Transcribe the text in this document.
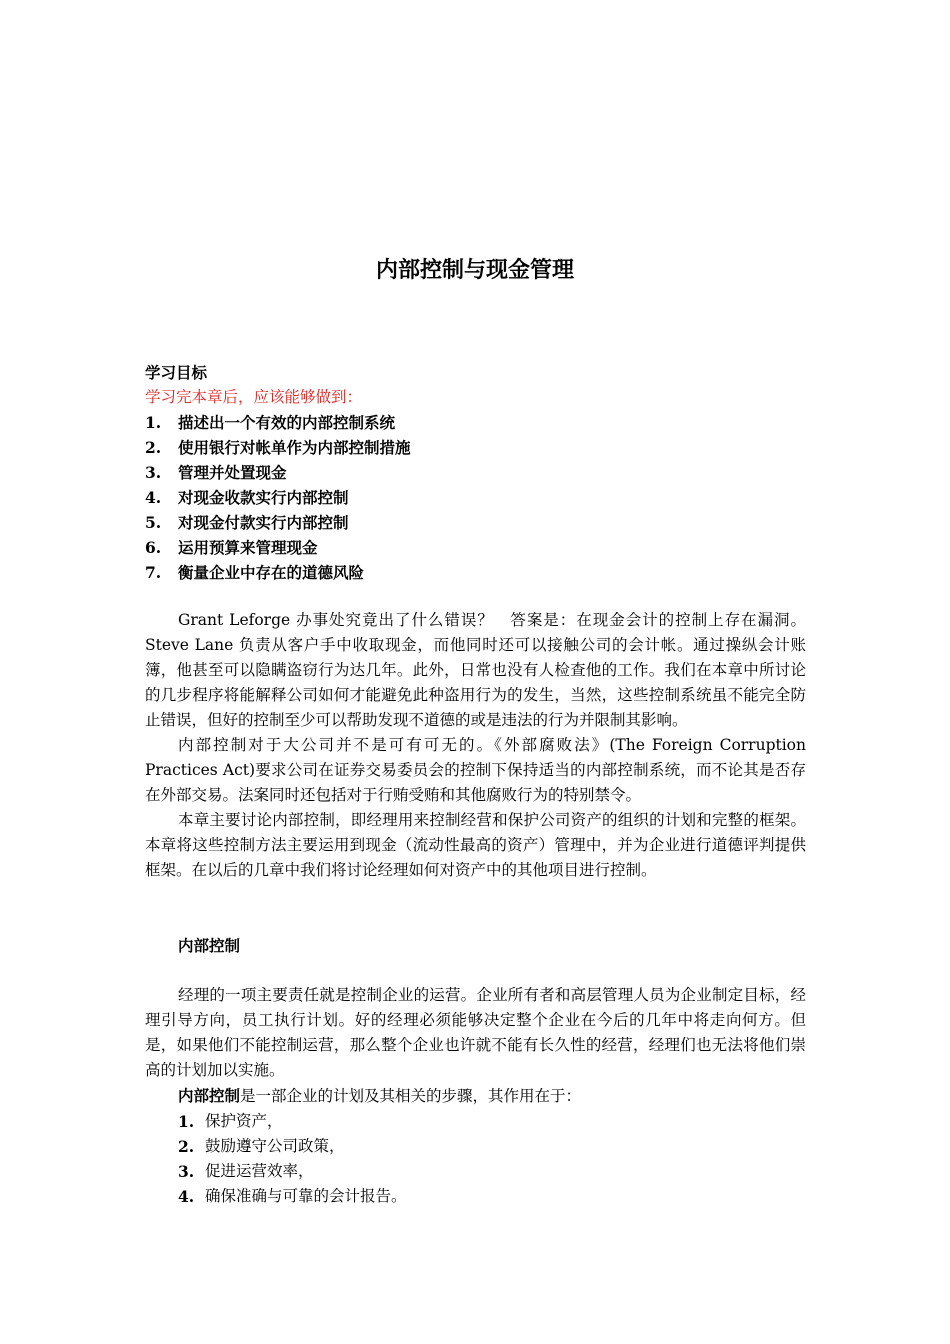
内部控制与现金管理
学习目标
学习完本章后，应该能够做到：
1.	描述出一个有效的内部控制系统
2.	使用银行对帐单作为内部控制措施
3.	管理并处置现金
4.	对现金收款实行内部控制
5.	对现金付款实行内部控制
6.	运用预算来管理现金
7.	衡量企业中存在的道德风险

Grant Leforge 办事处究竟出了什么错误？　答案是：在现金会计的控制上存在漏洞。Steve Lane 负责从客户手中收取现金，而他同时还可以接触公司的会计帐。通过操纵会计账簿，他甚至可以隐瞒盗窃行为达几年。此外，日常也没有人检查他的工作。我们在本章中所讨论的几步程序将能解释公司如何才能避免此种盗用行为的发生，当然，这些控制系统虽不能完全防止错误，但好的控制至少可以帮助发现不道德的或是违法的行为并限制其影响。

内部控制对于大公司并不是可有可无的。《外部腐败法》(The Foreign Corruption Practices Act)要求公司在证券交易委员会的控制下保持适当的内部控制系统，而不论其是否存在外部交易。法案同时还包括对于行贿受贿和其他腐败行为的特别禁令。

本章主要讨论内部控制，即经理用来控制经营和保护公司资产的组织的计划和完整的框架。本章将这些控制方法主要运用到现金（流动性最高的资产）管理中，并为企业进行道德评判提供框架。在以后的几章中我们将讨论经理如何对资产中的其他项目进行控制。

内部控制

经理的一项主要责任就是控制企业的运营。企业所有者和高层管理人员为企业制定目标，经理引导方向，员工执行计划。好的经理必须能够决定整个企业在今后的几年中将走向何方。但是，如果他们不能控制运营，那么整个企业也许就不能有长久性的经营，经理们也无法将他们崇高的计划加以实施。

内部控制是一部企业的计划及其相关的步骤，其作用在于：

1. 保护资产，
2. 鼓励遵守公司政策，
3. 促进运营效率，
4. 确保准确与可靠的会计报告。
